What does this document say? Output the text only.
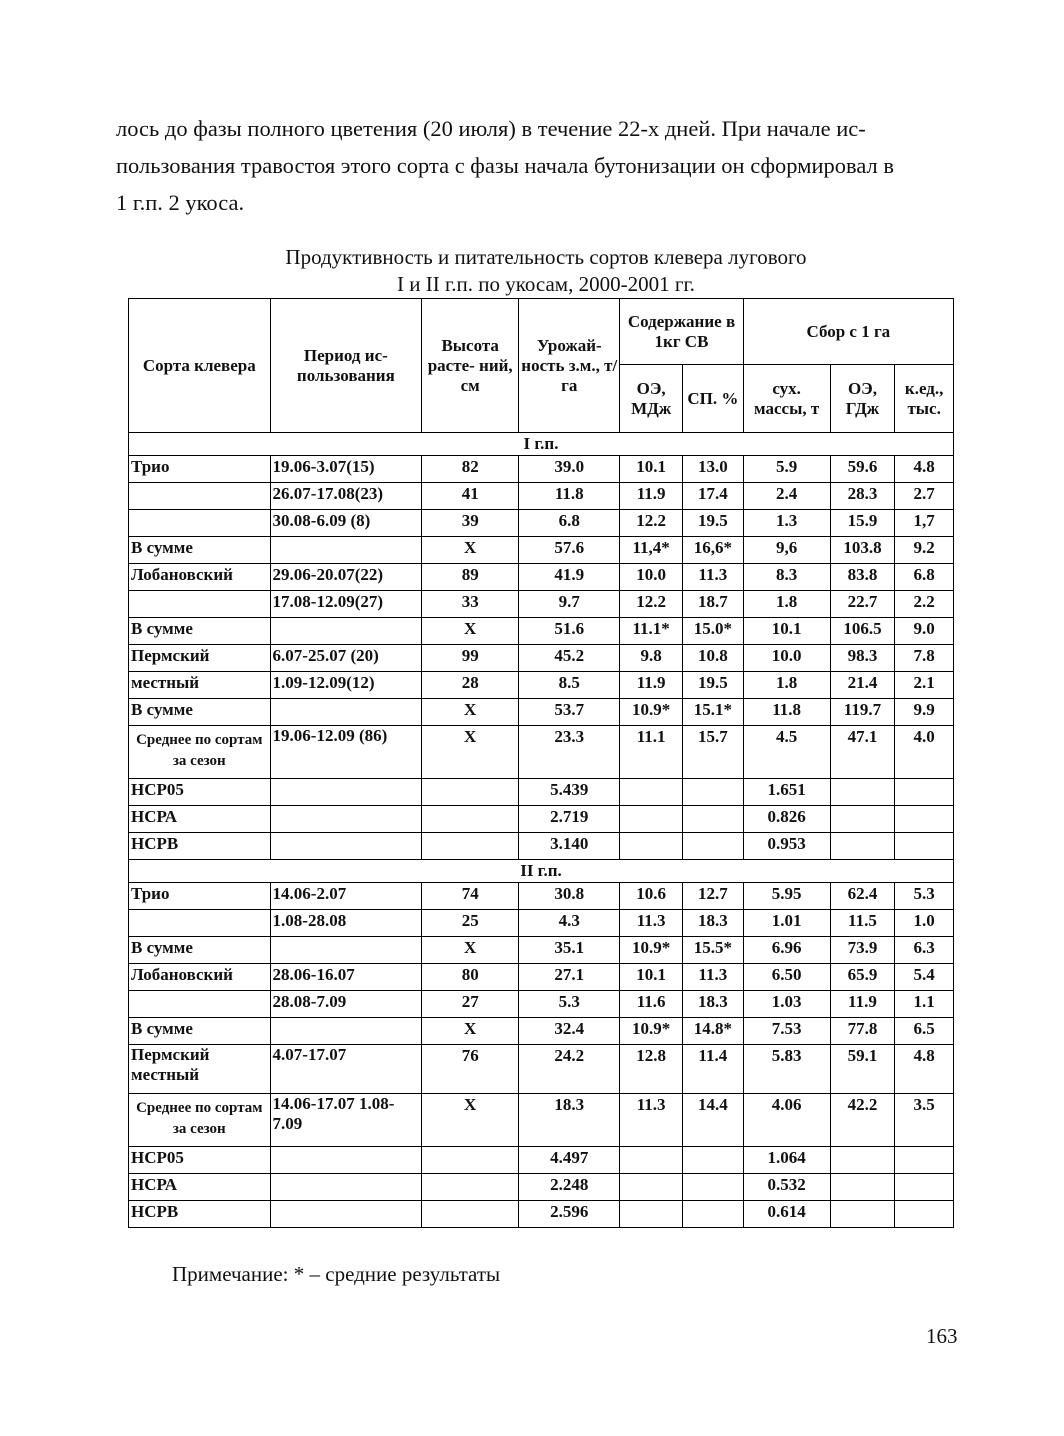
лось до фазы полного цветения (20 июля) в течение 22-х дней. При начале ис-

пользования травостоя этого сорта с фазы начала бутонизации он сформировал в

1 г.п. 2 укоса.

Продуктивность и питательность сортов клевера лугового
I и II г.п. по укосам, 2000-2001 гг.
Сорта клевера	Период ис- пользования	Высота расте- ний, см	Урожай- ность з.м., т/га	Содержание в 1кг СВ		Сбор с 1 га		
				ОЭ, МДж	СП. %	сух. массы, т	ОЭ, ГДж	к.ед., тыс.
I г.п.								
Трио	19.06-3.07(15)	82	39.0	10.1	13.0	5.9	59.6	4.8
	26.07-17.08(23)	41	11.8	11.9	17.4	2.4	28.3	2.7
	30.08-6.09 (8)	39	6.8	12.2	19.5	1.3	15.9	1,7
В сумме		Х	57.6	11,4*	16,6*	9,6	103.8	9.2
Лобановский	29.06-20.07(22)	89	41.9	10.0	11.3	8.3	83.8	6.8
	17.08-12.09(27)	33	9.7	12.2	18.7	1.8	22.7	2.2
В сумме		Х	51.6	11.1*	15.0*	10.1	106.5	9.0
Пермский	6.07-25.07 (20)	99	45.2	9.8	10.8	10.0	98.3	7.8
местный	1.09-12.09(12)	28	8.5	11.9	19.5	1.8	21.4	2.1
В сумме		Х	53.7	10.9*	15.1*	11.8	119.7	9.9
Среднее по сортам за сезон	19.06-12.09 (86)	Х	23.3	11.1	15.7	4.5	47.1	4.0
НСР05			5.439			1.651		
НСРА			2.719			0.826		
НСРВ			3.140			0.953		
II г.п.								
Трио	14.06-2.07	74	30.8	10.6	12.7	5.95	62.4	5.3
	1.08-28.08	25	4.3	11.3	18.3	1.01	11.5	1.0
В сумме		Х	35.1	10.9*	15.5*	6.96	73.9	6.3
Лобановский	28.06-16.07	80	27.1	10.1	11.3	6.50	65.9	5.4
	28.08-7.09	27	5.3	11.6	18.3	1.03	11.9	1.1
В сумме		Х	32.4	10.9*	14.8*	7.53	77.8	6.5
Пермский местный	4.07-17.07	76	24.2	12.8	11.4	5.83	59.1	4.8
Среднее по сортам за сезон	14.06-17.07 1.08-7.09	Х	18.3	11.3	14.4	4.06	42.2	3.5
НСР05			4.497			1.064		
НСРА			2.248			0.532		
НСРВ			2.596			0.614		
Примечание: * – средние результаты
163
